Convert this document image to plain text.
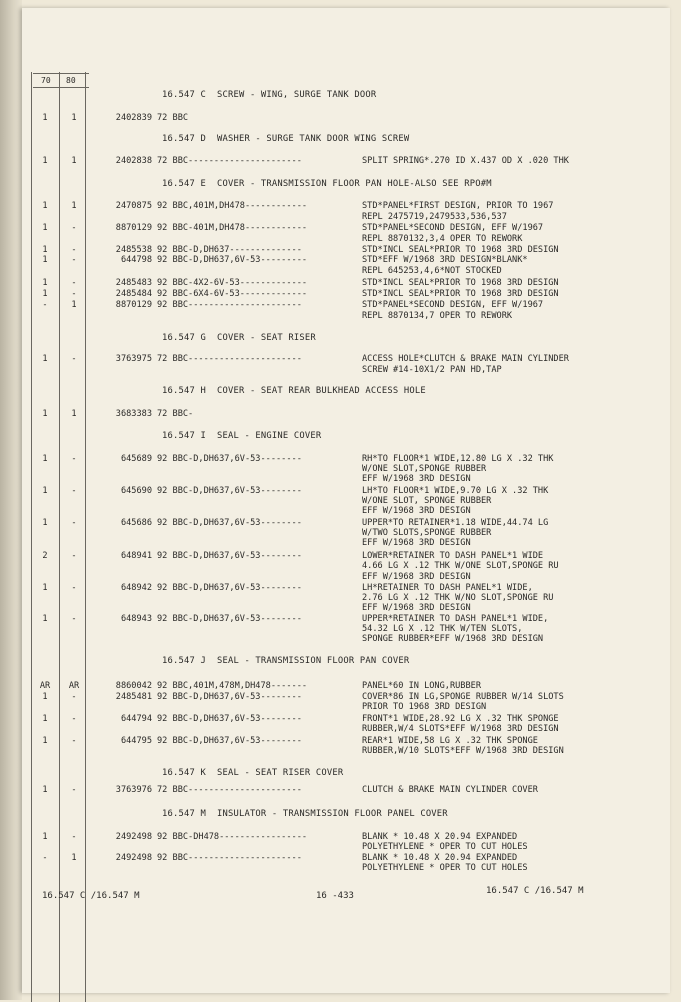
70 80
16.547 C  SCREW - WING, SURGE TANK DOOR
1	1	2402839 72 BBC
16.547 D  WASHER - SURGE TANK DOOR WING SCREW
1	1	2402838 72 BBC----------------------	SPLIT SPRING*.270 ID X.437 OD X .020 THK
16.547 E  COVER - TRANSMISSION FLOOR PAN HOLE-ALSO SEE RPO#M
1	1	2470875 92 BBC,401M,DH478------------	STD*PANEL*FIRST DESIGN, PRIOR TO 1967
REPL 2475719,2479533,536,537
1	-	8870129 92 BBC-401M,DH478------------	STD*PANEL*SECOND DESIGN, EFF W/1967
REPL 8870132,3,4 OPER TO REWORK
1	-	2485538 92 BBC-D,DH637--------------	STD*INCL SEAL*PRIOR TO 1968 3RD DESIGN
1	-	644798 92 BBC-D,DH637,6V-53---------	STD*EFF W/1968 3RD DESIGN*BLANK*
REPL 645253,4,6*NOT STOCKED
1	-	2485483 92 BBC-4X2-6V-53-------------	STD*INCL SEAL*PRIOR TO 1968 3RD DESIGN
1	-	2485484 92 BBC-6X4-6V-53-------------	STD*INCL SEAL*PRIOR TO 1968 3RD DESIGN
-	1	8870129 92 BBC----------------------	STD*PANEL*SECOND DESIGN, EFF W/1967
REPL 8870134,7 OPER TO REWORK
16.547 G  COVER - SEAT RISER
1	-	3763975 72 BBC----------------------	ACCESS HOLE*CLUTCH & BRAKE MAIN CYLINDER
SCREW #14-10X1/2 PAN HD,TAP
16.547 H  COVER - SEAT REAR BULKHEAD ACCESS HOLE
1	1	3683383 72 BBC-
16.547 I  SEAL - ENGINE COVER
1	-	645689 92 BBC-D,DH637,6V-53--------	RH*TO FLOOR*1 WIDE,12.80 LG X .32 THK
W/ONE SLOT,SPONGE RUBBER
EFF W/1968 3RD DESIGN
1	-	645690 92 BBC-D,DH637,6V-53--------	LH*TO FLOOR*1 WIDE,9.70 LG X .32 THK
W/ONE SLOT, SPONGE RUBBER
EFF W/1968 3RD DESIGN
1	-	645686 92 BBC-D,DH637,6V-53--------	UPPER*TO RETAINER*1.18 WIDE,44.74 LG
W/TWO SLOTS,SPONGE RUBBER
EFF W/1968 3RD DESIGN
2	-	648941 92 BBC-D,DH637,6V-53--------	LOWER*RETAINER TO DASH PANEL*1 WIDE
4.66 LG X .12 THK W/ONE SLOT,SPONGE RU
EFF W/1968 3RD DESIGN
1	-	648942 92 BBC-D,DH637,6V-53--------	LH*RETAINER TO DASH PANEL*1 WIDE,
2.76 LG X .12 THK W/NO SLOT,SPONGE RU
EFF W/1968 3RD DESIGN
1	-	648943 92 BBC-D,DH637,6V-53--------	UPPER*RETAINER TO DASH PANEL*1 WIDE,
54.32 LG X .12 THK W/TEN SLOTS,
SPONGE RUBBER*EFF W/1968 3RD DESIGN
16.547 J  SEAL - TRANSMISSION FLOOR PAN COVER
AR	AR	8860042 92 BBC,401M,478M,DH478-------	PANEL*60 IN LONG,RUBBER
1	-	2485481 92 BBC-D,DH637,6V-53--------	COVER*86 IN LG,SPONGE RUBBER W/14 SLOTS
PRIOR TO 1968 3RD DESIGN
1	-	644794 92 BBC-D,DH637,6V-53--------	FRONT*1 WIDE,28.92 LG X .32 THK SPONGE
RUBBER,W/4 SLOTS*EFF W/1968 3RD DESIGN
1	-	644795 92 BBC-D,DH637,6V-53--------	REAR*1 WIDE,58 LG X .32 THK SPONGE
RUBBER,W/10 SLOTS*EFF W/1968 3RD DESIGN
16.547 K  SEAL - SEAT RISER COVER
1	-	3763976 72 BBC----------------------	CLUTCH & BRAKE MAIN CYLINDER COVER
16.547 M  INSULATOR - TRANSMISSION FLOOR PANEL COVER
1	-	2492498 92 BBC-DH478-----------------	BLANK * 10.48 X 20.94 EXPANDED
POLYETHYLENE * OPER TO CUT HOLES
-	1	2492498 92 BBC----------------------	BLANK * 10.48 X 20.94 EXPANDED
POLYETHYLENE * OPER TO CUT HOLES
16.547 C /16.547 M	16 -433	16.547 C /16.547 M
